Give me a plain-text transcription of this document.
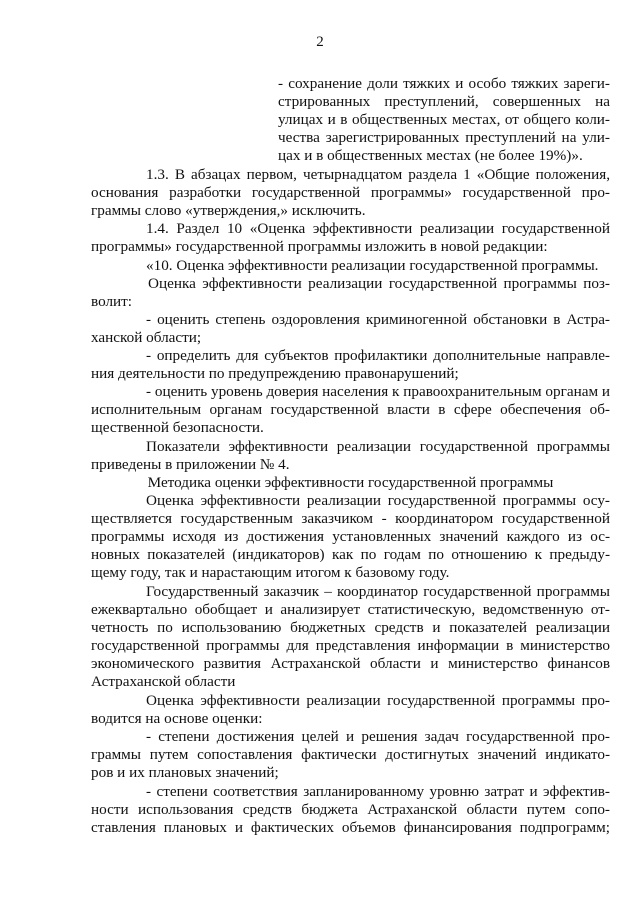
2
- сохранение доли тяжких и особо тяжких зареги-
стрированных преступлений, совершенных на
улицах и в общественных местах, от общего коли-
чества зарегистрированных преступлений на ули-
цах и в общественных местах (не более 19%)».
1.3. В абзацах первом, четырнадцатом раздела 1 «Общие положения,
основания разработки государственной программы» государственной про-
граммы слово «утверждения,» исключить.
1.4. Раздел 10 «Оценка эффективности реализации государственной
программы» государственной программы изложить в новой редакции:
«10. Оценка эффективности реализации государственной программы.
Оценка эффективности реализации государственной программы поз-
волит:
- оценить степень оздоровления криминогенной обстановки в Астра-
ханской области;
- определить для субъектов профилактики дополнительные направле-
ния деятельности по предупреждению правонарушений;
- оценить уровень доверия населения к правоохранительным органам и
исполнительным органам государственной власти в сфере обеспечения об-
щественной безопасности.
Показатели эффективности реализации государственной программы
приведены в приложении № 4.
Методика оценки эффективности государственной программы
Оценка эффективности реализации государственной программы осу-
ществляется государственным заказчиком - координатором государственной
программы исходя из достижения установленных значений каждого из ос-
новных показателей (индикаторов) как по годам по отношению к предыду-
щему году, так и нарастающим итогом к базовому году.
Государственный заказчик – координатор государственной программы
ежеквартально обобщает и анализирует статистическую, ведомственную от-
четность по использованию бюджетных средств и показателей реализации
государственной программы для представления информации в министерство
экономического развития Астраханской области и министерство финансов
Астраханской области
Оценка эффективности реализации государственной программы про-
водится на основе оценки:
- степени достижения целей и решения задач государственной про-
граммы путем сопоставления фактически достигнутых значений индикато-
ров и их плановых значений;
- степени соответствия запланированному уровню затрат и эффектив-
ности использования средств бюджета Астраханской области путем сопо-
ставления плановых и фактических объемов финансирования подпрограмм;
